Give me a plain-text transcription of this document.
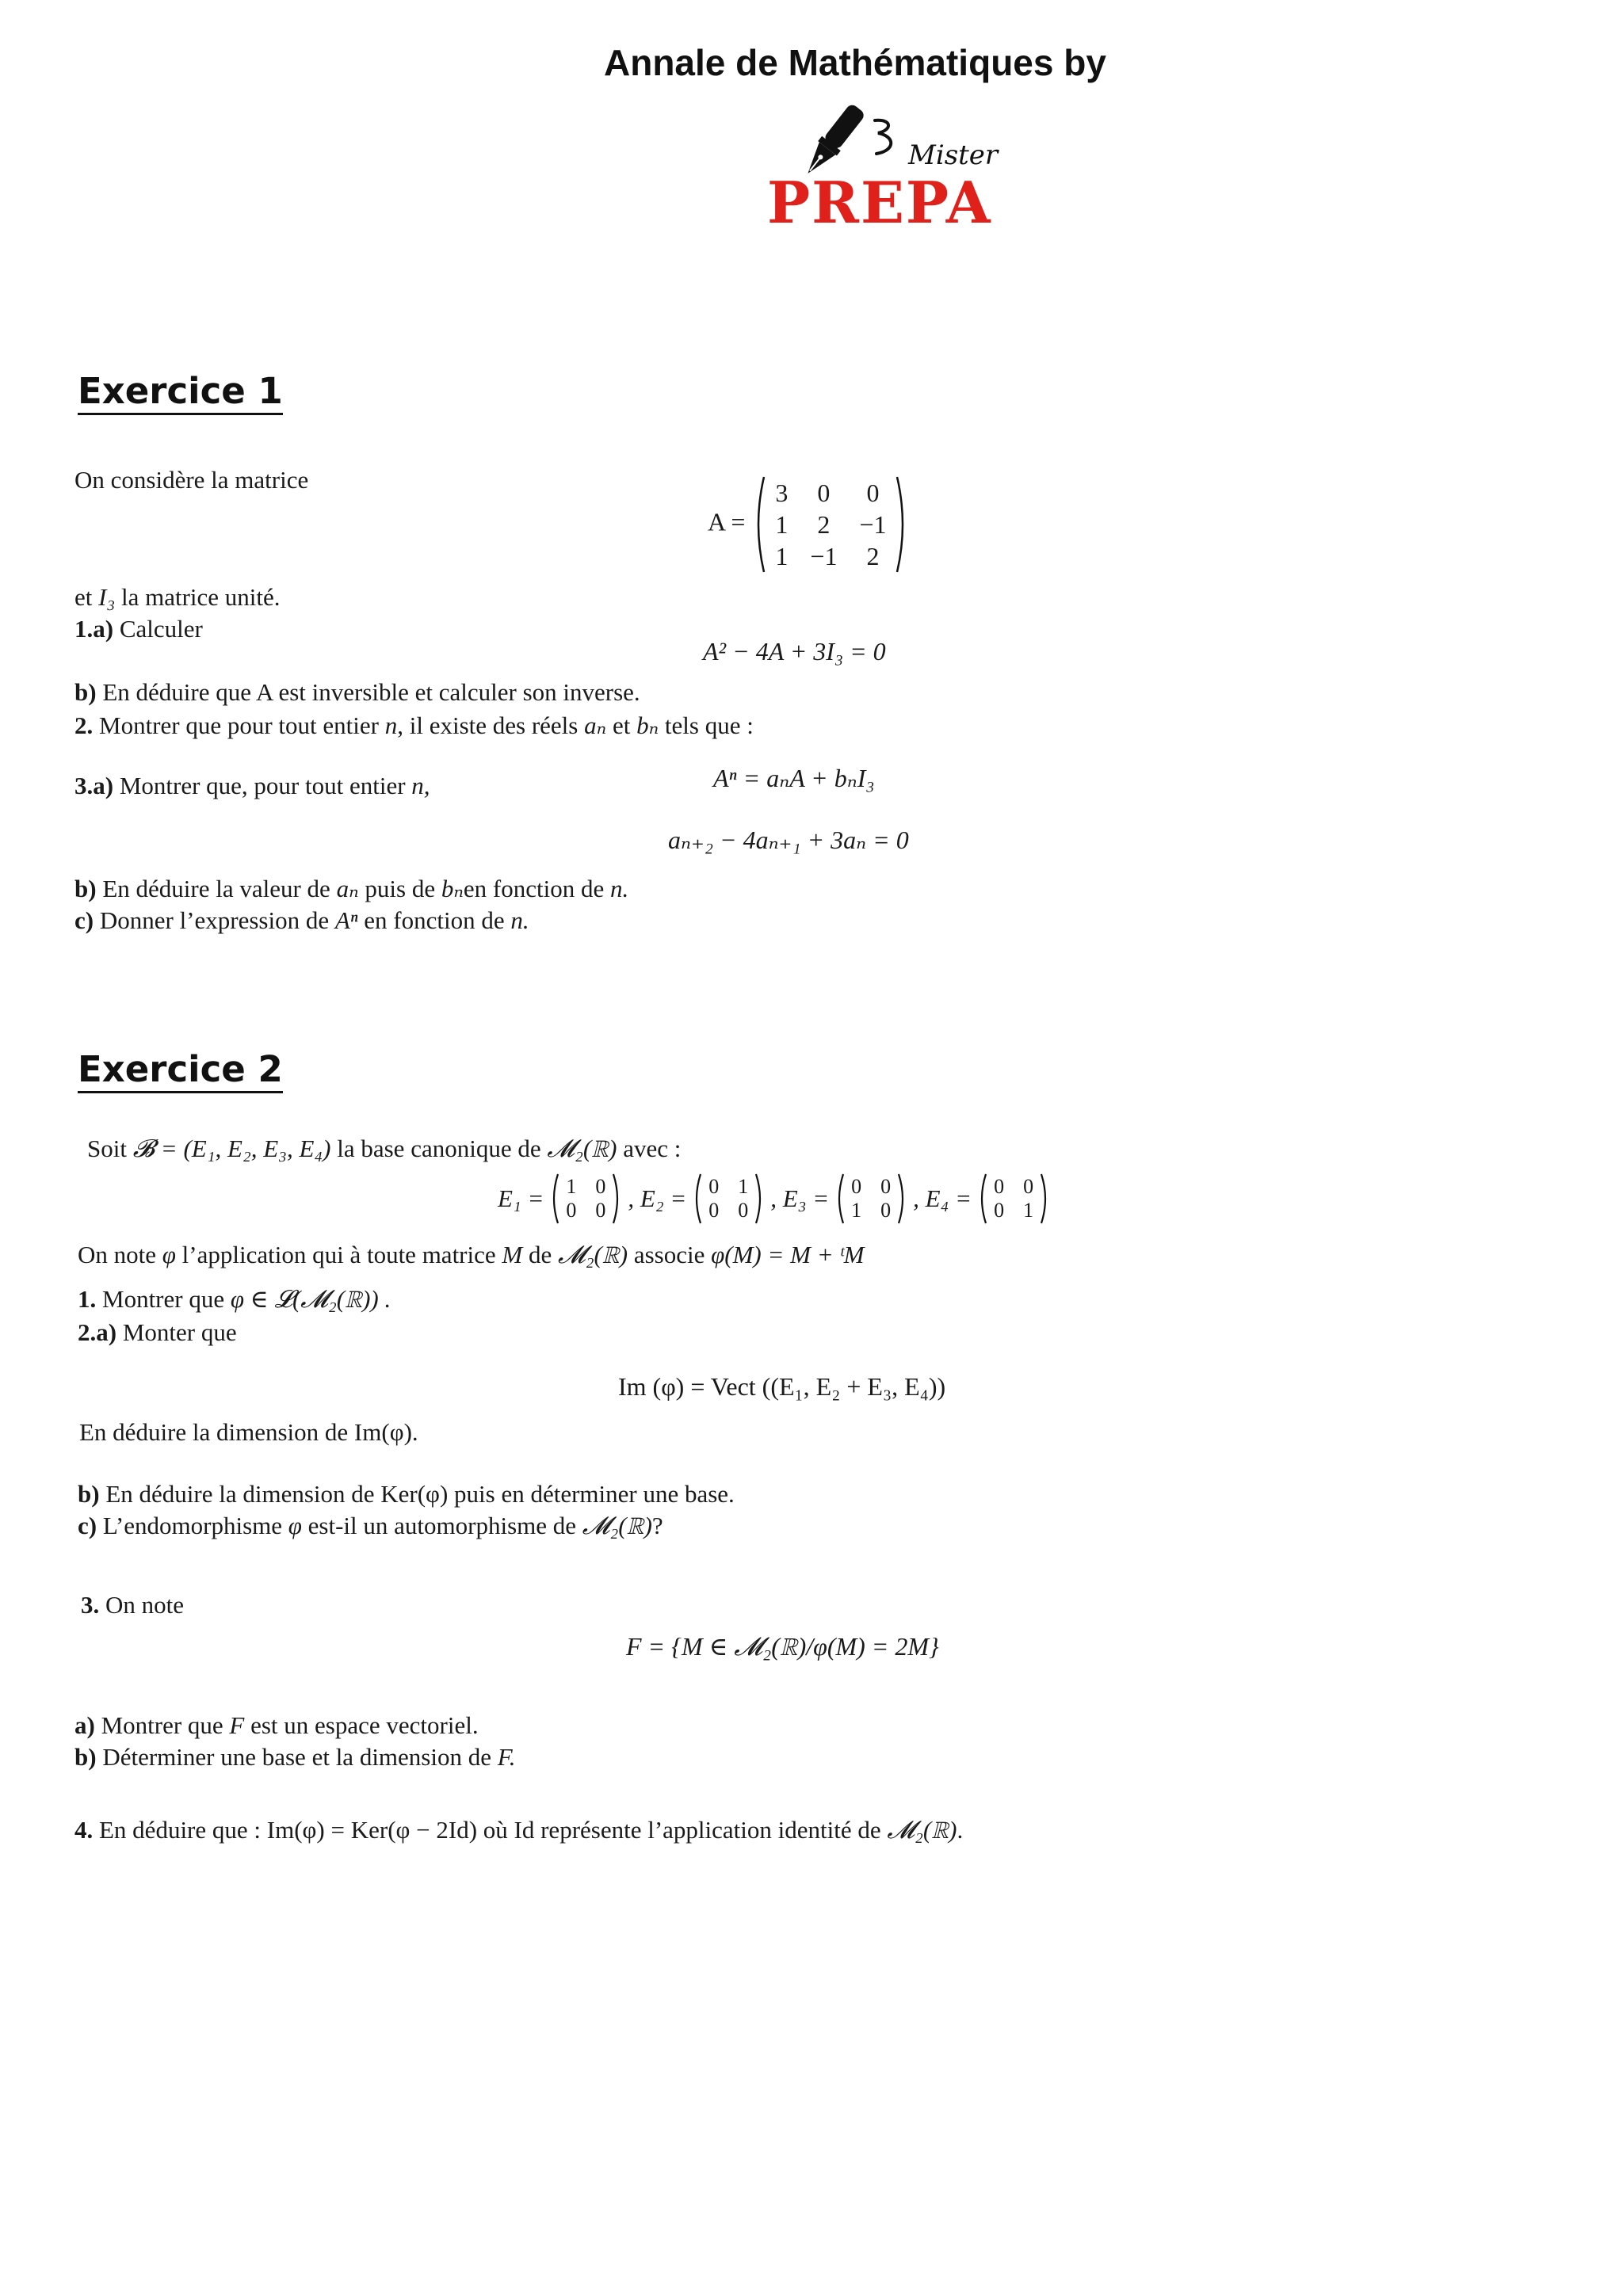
Annale de Mathématiques by
Mister
PREPA
Exercice 1
On considère la matrice
A =
3 0 0
1 2 −1
1 −1 2
et I₃ la matrice unité.
1.a) Calculer
A² − 4A + 3I₃ = 0
b) En déduire que A est inversible et calculer son inverse.
2. Montrer que pour tout entier n, il existe des réels aₙ et bₙ tels que :
Aⁿ = aₙA + bₙI₃
3.a) Montrer que, pour tout entier n,
aₙ₊₂ − 4aₙ₊₁ + 3aₙ = 0
b) En déduire la valeur de aₙ puis de bₙen fonction de n.
c) Donner l’expression de Aⁿ en fonction de n.
Exercice 2
Soit 𝓑 = (E₁, E₂, E₃, E₄) la base canonique de 𝓜₂(ℝ) avec :
E₁ = 1 0
0 0 , E₂ = 0 1
0 0 , E₃ = 0 0
1 0 , E₄ = 0 0
0 1
On note φ l’application qui à toute matrice M de 𝓜₂(ℝ) associe φ(M) = M + ᵗM
1. Montrer que φ ∈ 𝓛(𝓜₂(ℝ)) .
2.a) Monter que
Im (φ) = Vect ((E₁, E₂ + E₃, E₄))
En déduire la dimension de Im(φ).
b) En déduire la dimension de Ker(φ) puis en déterminer une base.
c) L’endomorphisme φ est-il un automorphisme de 𝓜₂(ℝ)?
3. On note
F = {M ∈ 𝓜₂(ℝ)/φ(M) = 2M}
a) Montrer que F est un espace vectoriel.
b) Déterminer une base et la dimension de F.
4. En déduire que : Im(φ) = Ker(φ − 2Id) où Id représente l’application identité de 𝓜₂(ℝ).
